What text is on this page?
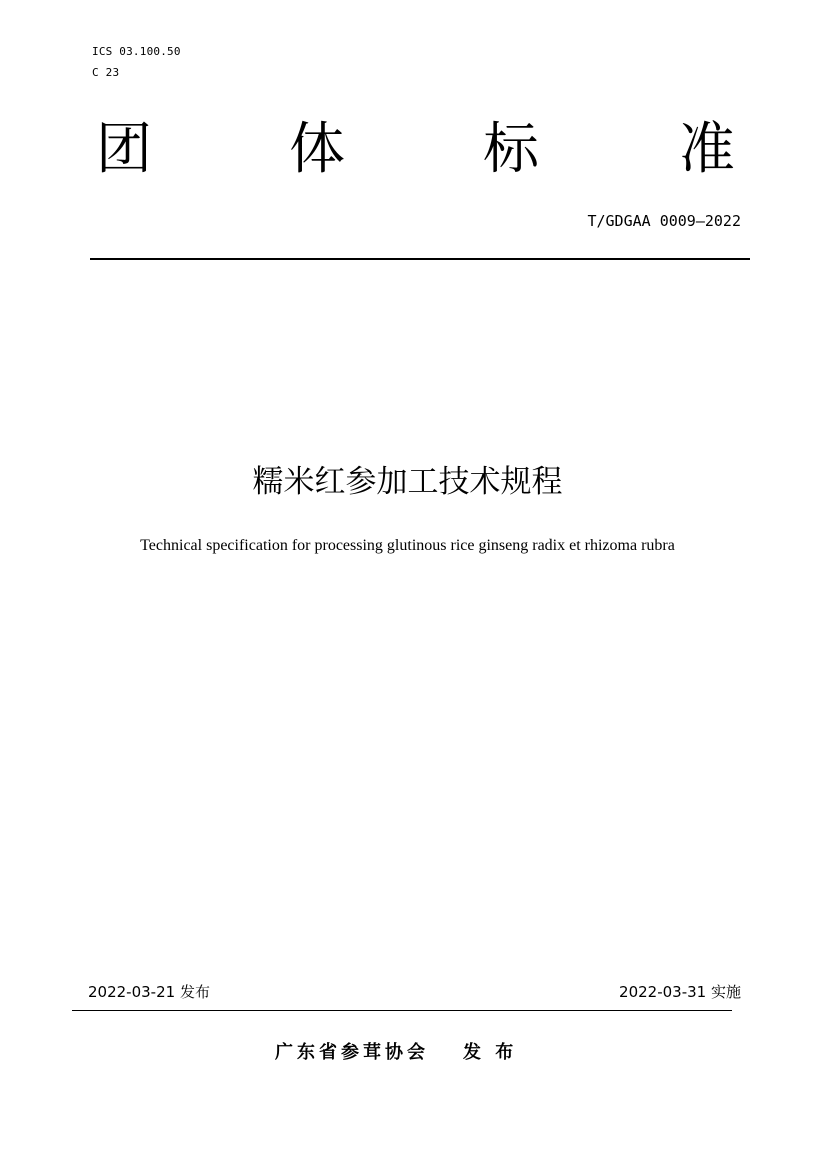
ICS 03.100.50
C 23
团 体 标	准
T/GDGAA 0009—2022
糯米红参加工技术规程
Technical specification for processing glutinous rice ginseng radix et rhizoma rubra
2022-03-21 发布	2022-03-31 实施
广东省参茸协会 发 布
